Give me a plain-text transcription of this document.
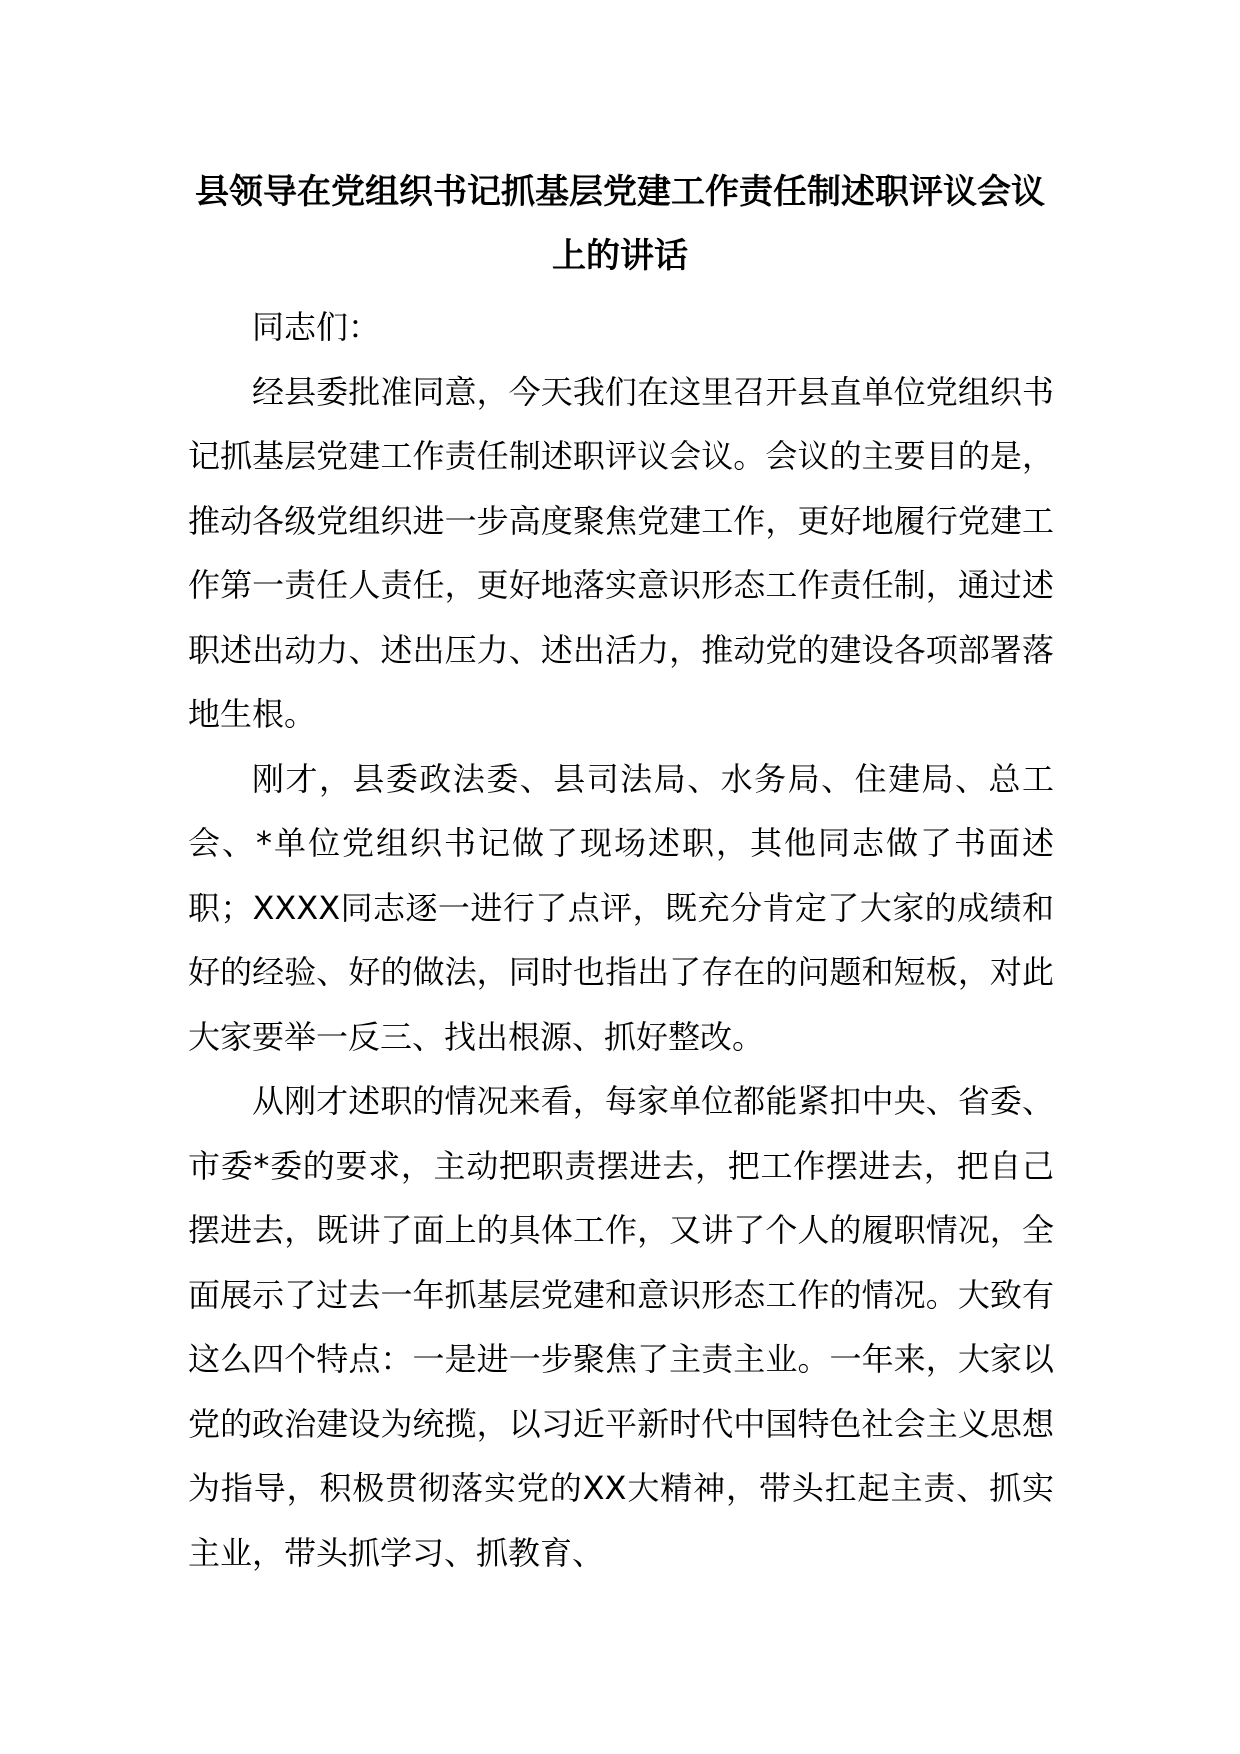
县领导在党组织书记抓基层党建工作责任制述职评议会议
上的讲话

同志们：

经县委批准同意，今天我们在这里召开县直单位党组织书记抓基层党建工作责任制述职评议会议。会议的主要目的是，推动各级党组织进一步高度聚焦党建工作，更好地履行党建工作第一责任人责任，更好地落实意识形态工作责任制，通过述职述出动力、述出压力、述出活力，推动党的建设各项部署落地生根。

刚才，县委政法委、县司法局、水务局、住建局、总工会、*单位党组织书记做了现场述职，其他同志做了书面述职；XXXX同志逐一进行了点评，既充分肯定了大家的成绩和好的经验、好的做法，同时也指出了存在的问题和短板，对此大家要举一反三、找出根源、抓好整改。

从刚才述职的情况来看，每家单位都能紧扣中央、省委、市委*委的要求，主动把职责摆进去，把工作摆进去，把自己摆进去，既讲了面上的具体工作，又讲了个人的履职情况，全面展示了过去一年抓基层党建和意识形态工作的情况。大致有这么四个特点：一是进一步聚焦了主责主业。一年来，大家以党的政治建设为统揽，以习近平新时代中国特色社会主义思想为指导，积极贯彻落实党的XX大精神，带头扛起主责、抓实主业，带头抓学习、抓教育、
